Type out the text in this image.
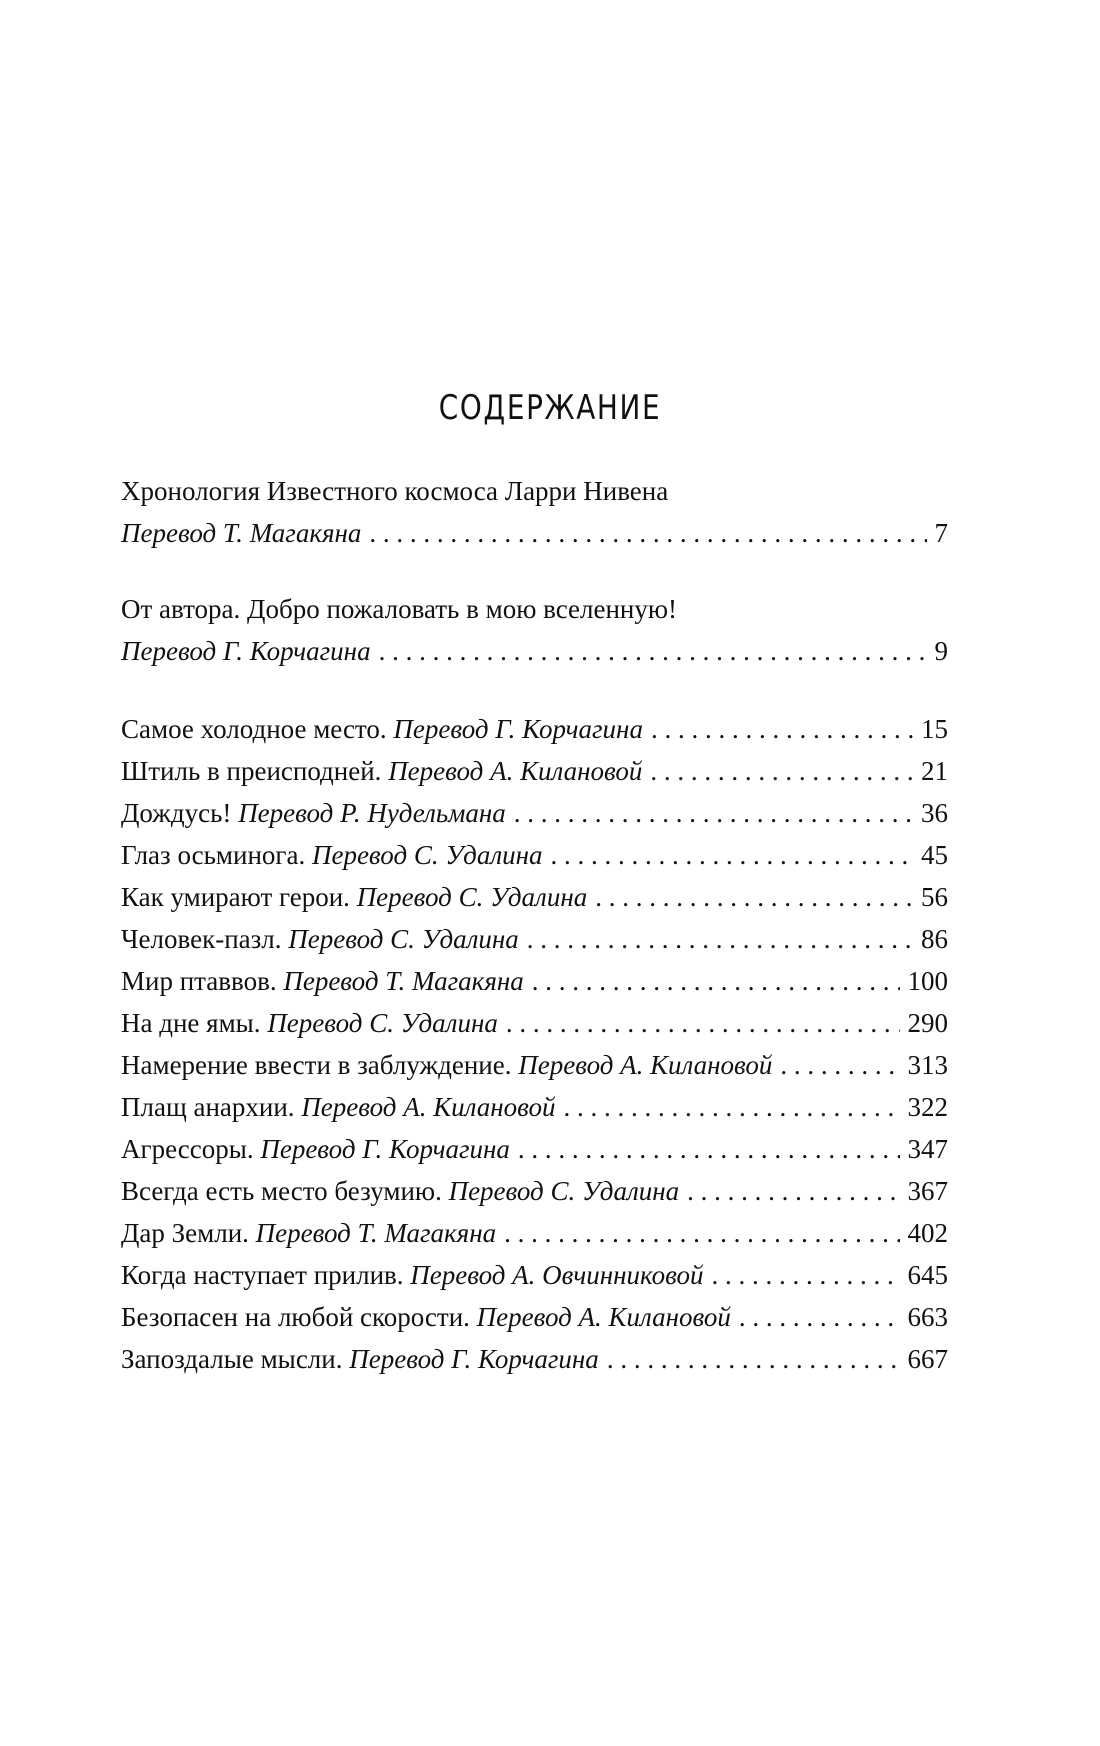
СОДЕРЖАНИЕ
Хронология Известного космоса Ларри Нивена
Перевод Т. Магакяна . . .	7
От автора. Добро пожаловать в мою вселенную!
Перевод Г. Корчагина . . .	9
Самое холодное место. Перевод Г. Корчагина . . .	15
Штиль в преисподней. Перевод А. Килановой . . .	21
Дождусь! Перевод Р. Нудельмана . . .	36
Глаз осьминога. Перевод С. Удалина . . .	45
Как умирают герои. Перевод С. Удалина . . .	56
Человек-пазл. Перевод С. Удалина . . .	86
Мир птаввов. Перевод Т. Магакяна . . .	100
На дне ямы. Перевод С. Удалина . . .	290
Намерение ввести в заблуждение. Перевод А. Килановой . . .	313
Плащ анархии. Перевод А. Килановой . . .	322
Агрессоры. Перевод Г. Корчагина . . .	347
Всегда есть место безумию. Перевод С. Удалина . . .	367
Дар Земли. Перевод Т. Магакяна . . .	402
Когда наступает прилив. Перевод А. Овчинниковой . . .	645
Безопасен на любой скорости. Перевод А. Килановой . . .	663
Запоздалые мысли. Перевод Г. Корчагина . . .	667
